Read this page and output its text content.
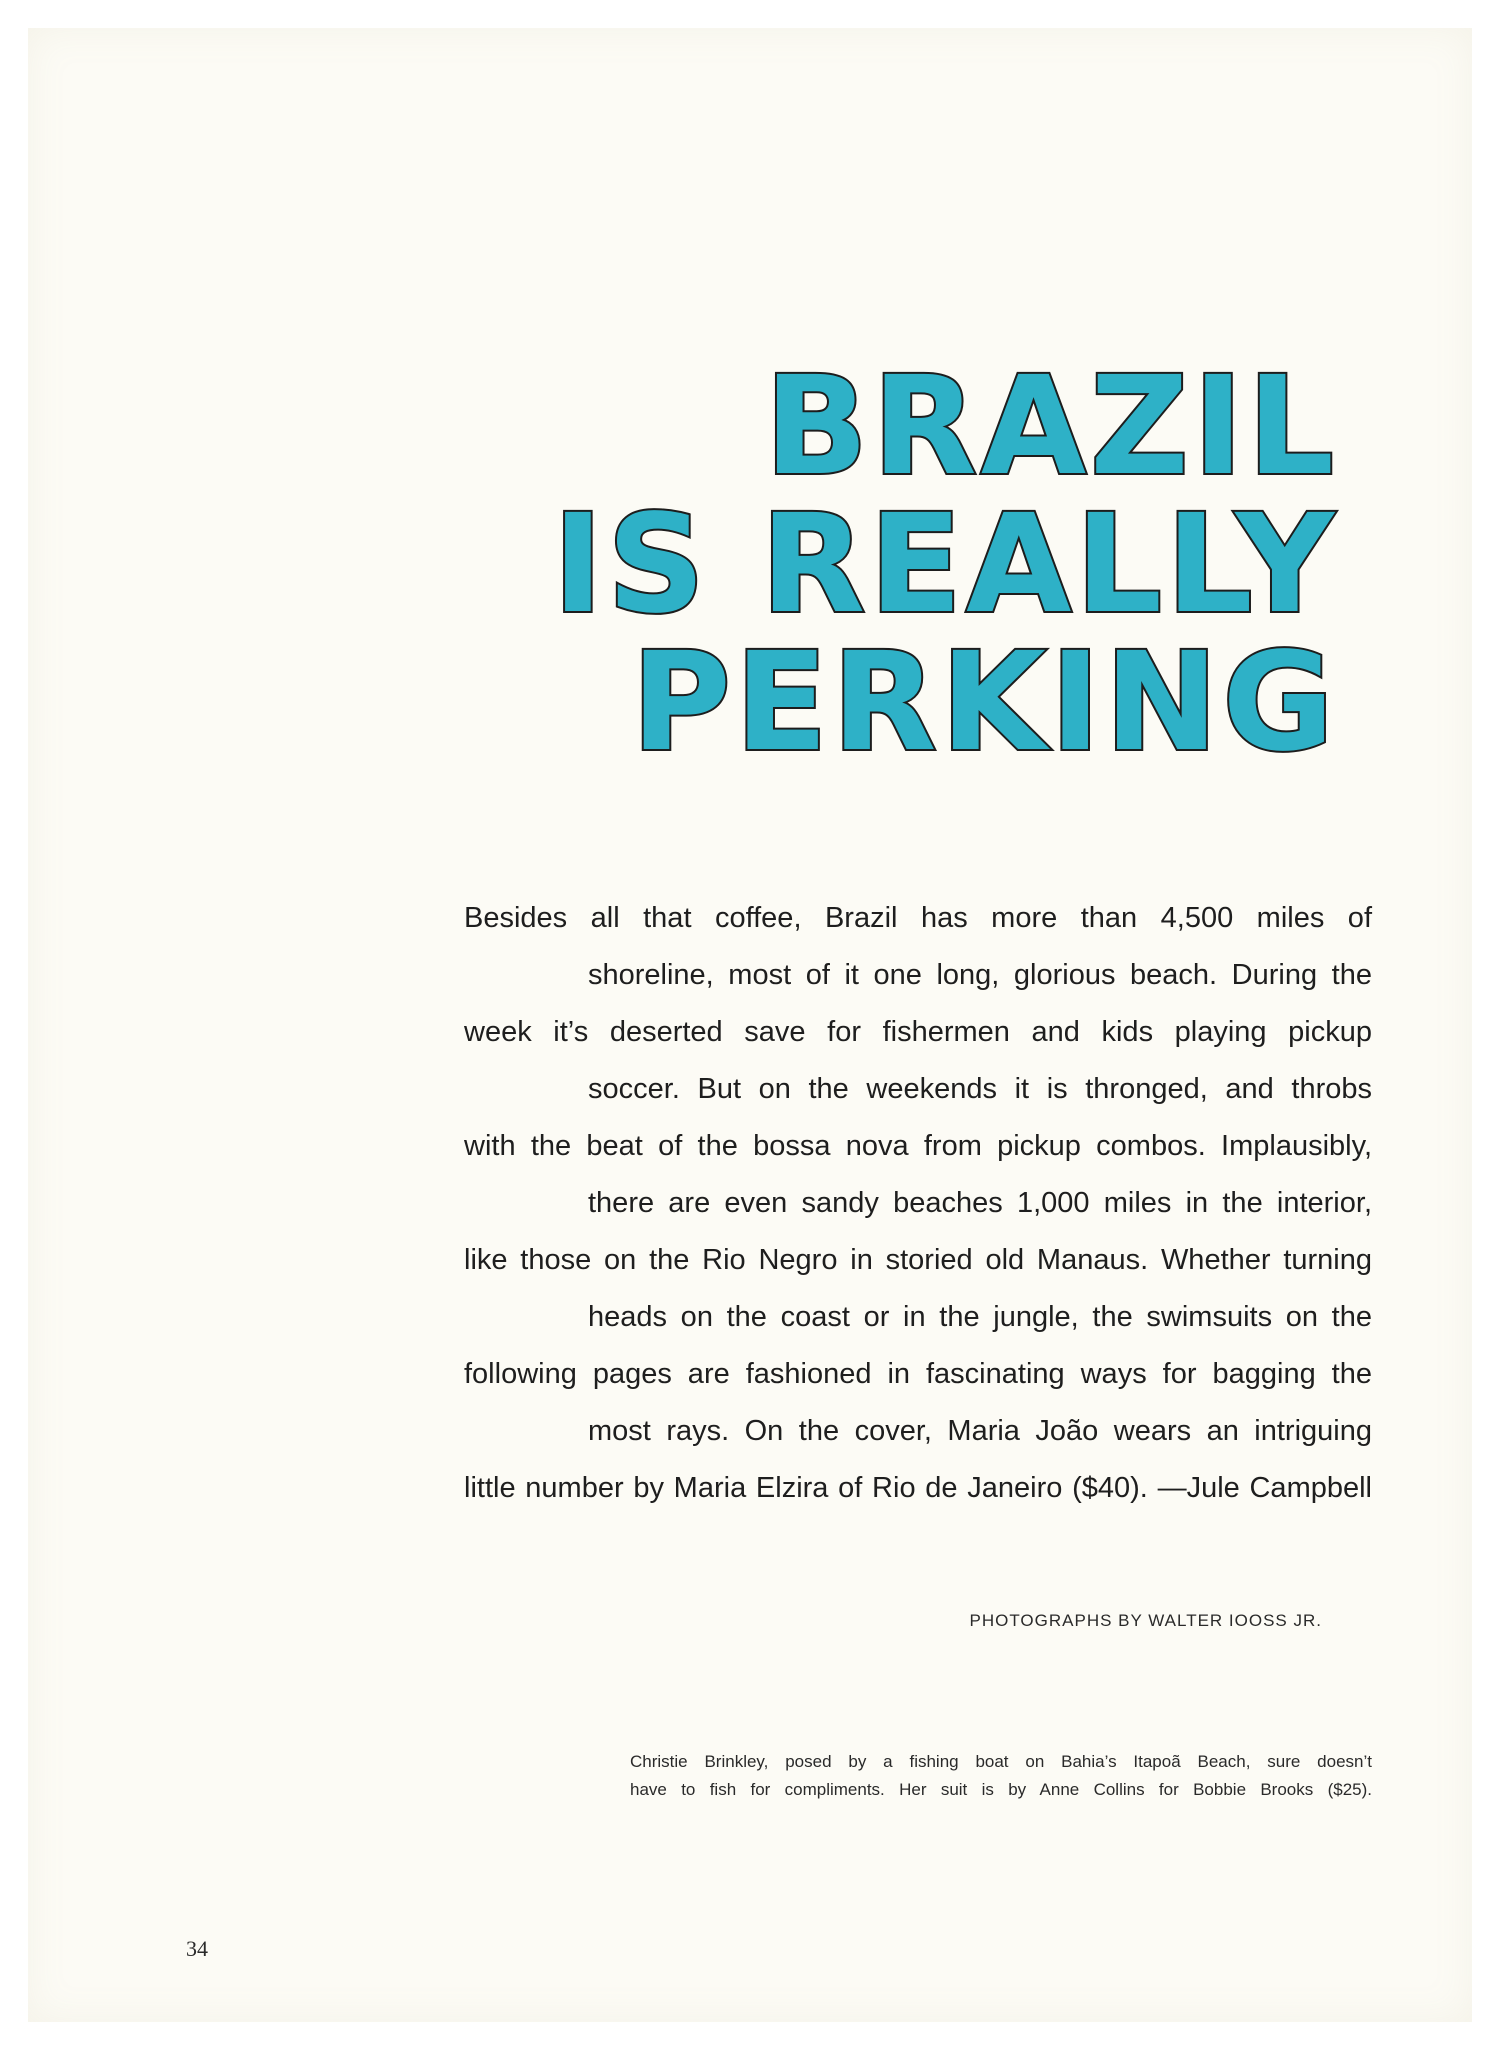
BRAZIL
IS REALLY
PERKING
Besides all that coffee, Brazil has more than 4,500 miles of
shoreline, most of it one long, glorious beach. During the
week it’s deserted save for fishermen and kids playing pickup
soccer. But on the weekends it is thronged, and throbs
with the beat of the bossa nova from pickup combos. Implausibly,
there are even sandy beaches 1,000 miles in the interior,
like those on the Rio Negro in storied old Manaus. Whether turning
heads on the coast or in the jungle, the swimsuits on the
following pages are fashioned in fascinating ways for bagging the
most rays. On the cover, Maria João wears an intriguing
little number by Maria Elzira of Rio de Janeiro ($40). —Jule Campbell

PHOTOGRAPHS BY WALTER IOOSS JR.

Christie Brinkley, posed by a fishing boat on Bahia’s Itapoã Beach, sure doesn’t
have to fish for compliments. Her suit is by Anne Collins for Bobbie Brooks ($25).

34
